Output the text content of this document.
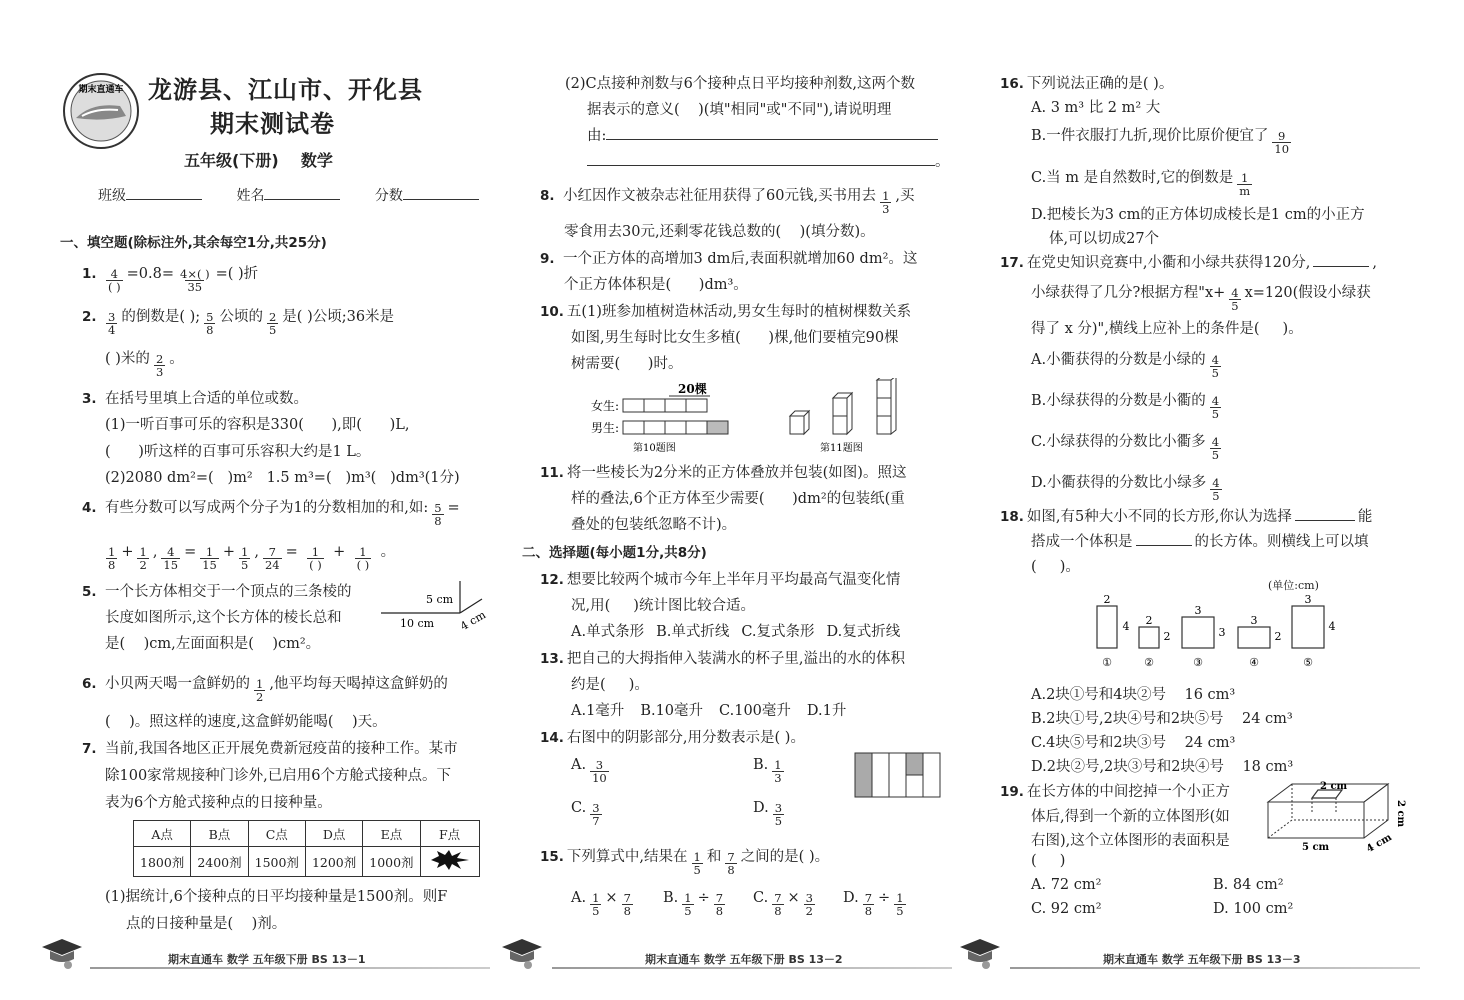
期末直通车 龙游县、江山市、开化县
期末测试卷
五年级(下册)    数学
班级	姓名	分数
一、填空题(除标注外,其余每空1分,共25分)
1.	4
( )
$=0.8= \frac{4\times( )}{35}$ =( )折
2. 3
4
的倒数是( ); 5
8
公顷的 2
5
是( )公顷;36米是
( )米的 2
3
。
3. 在括号里填上合适的单位或数。
(1)一听百事可乐的容积是330(      ),即(      )L,
(      )听这样的百事可乐容积大约是1 L。
(2)2080 dm²=(   )m²   1.5 m³=(   )m³(   )dm³(1分)
4. 有些分数可以写成两个分子为1的分数相加的和,如: $\frac{5}{8}$ =
1
8
+ $\frac{1}{2}$ , $\frac{4}{15} = \frac{1}{15} + \frac{1}{5}$ , $\frac{7}{24}$ =	1
( )
+	1
( )
。
5. 一个长方体相交于一个顶点的三条棱的
长度如图所示,这个长方体的棱长总和
是(    )cm,左面面积是(    )cm²。
5 cm
10 cm 4 cm
6. 小贝两天喝一盒鲜奶的 1
2
,他平均每天喝掉这盒鲜奶的
(    )。照这样的速度,这盒鲜奶能喝(    )天。
7. 当前,我国各地区正开展免费新冠疫苗的接种工作。某市
除100家常规接种门诊外,已启用6个方舱式接种点。下
表为6个方舱式接种点的日接种量。
A点	B点	C点	D点	E点	F点
1800剂	2400剂	1500剂	1200剂	1000剂	
(1)据统计,6个接种点的日平均接种量是1500剂。则F
点的日接种量是(    )剂。
(2)C点接种剂数与6个接种点日平均接种剂数,这两个数
据表示的意义(    )(填"相同"或"不同"),请说明理
由:
。
8. 小红因作文被杂志社征用获得了60元钱,买书用去 1
3
,买
零食用去30元,还剩零花钱总数的(    )(填分数)。
9. 一个正方体的高增加3 dm后,表面积就增加60 dm²。这
个正方体体积是(      )dm³。
10. 五(1)班参加植树造林活动,男女生每时的植树棵数关系
如图,男生每时比女生多植(      )棵,他们要植完90棵
树需要(      )时。
20棵
女生:
男生:
第10题图	第11题图
11. 将一些棱长为2分米的正方体叠放并包装(如图)。照这
样的叠法,6个正方体至少需要(      )dm²的包装纸(重
叠处的包装纸忽略不计)。
二、选择题(每小题1分,共8分)
12. 想要比较两个城市今年上半年月平均最高气温变化情
况,用(     )统计图比较合适。
A.单式条形 B.单式折线 C.复式条形 D.复式折线
13. 把自己的大拇指伸入装满水的杯子里,溢出的水的体积
约是(     )。
A.1毫升 B.10毫升 C.100毫升 D.1升
14. 右图中的阴影部分,用分数表示是( )。
A. 3
10
B. 1
3
C. 3
7
D. 3
5
15. 下列算式中,结果在 1
5
和 7
8
之间的是( )。
A. $\frac{1}{5} \times \frac{7}{8} B$. $\frac{1}{5} \div \frac{7}{8} C$. $\frac{7}{8} \times \frac{3}{2} D$. $\frac{7}{8} \div \frac{1}{5}$
16. 下列说法正确的是( )。
A. 3 m³ 比 2 m² 大
B.一件衣服打九折,现价比原价便宜了 9
10
C.当 m 是自然数时,它的倒数是 1
m
D.把棱长为3 cm的正方体切成棱长是1 cm的小正方
体,可以切成27个
17. 在党史知识竞赛中,小衢和小绿共获得120分,	,
小绿获得了几分?根据方程"$x+ \frac{4}{5} x=120$(假设小绿获
得了 x 分)",横线上应补上的条件是(     )。
A.小衢获得的分数是小绿的 4
5
B.小绿获得的分数是小衢的 4
5
C.小绿获得的分数比小衢多 4
5
D.小衢获得的分数比小绿多 4
5
18. 如图,有5种大小不同的长方形,你认为选择	能
搭成一个体积是	的长方体。则横线上可以填
(     )。
(单位:cm)
2
4
①
2
2
②
3
3
③
3
2
④
3
4
⑤
A.2块①号和4块②号    16 cm³
B.2块①号,2块④号和2块⑤号    24 cm³
C.4块⑤号和2块③号    24 cm³
D.2块②号,2块③号和2块④号    18 cm³
19. 在长方体的中间挖掉一个小正方
体后,得到一个新的立体图形(如
右图),这个立体图形的表面积是
(     )
2 cm
2 cm
5 cm	4 cm
A. 72 cm²	B. 84 cm²
C. 92 cm²	D. 100 cm²
期末直通车 数学 五年级下册 BS 13－1	期末直通车 数学 五年级下册 BS 13－2	期末直通车 数学 五年级下册 BS 13－3
